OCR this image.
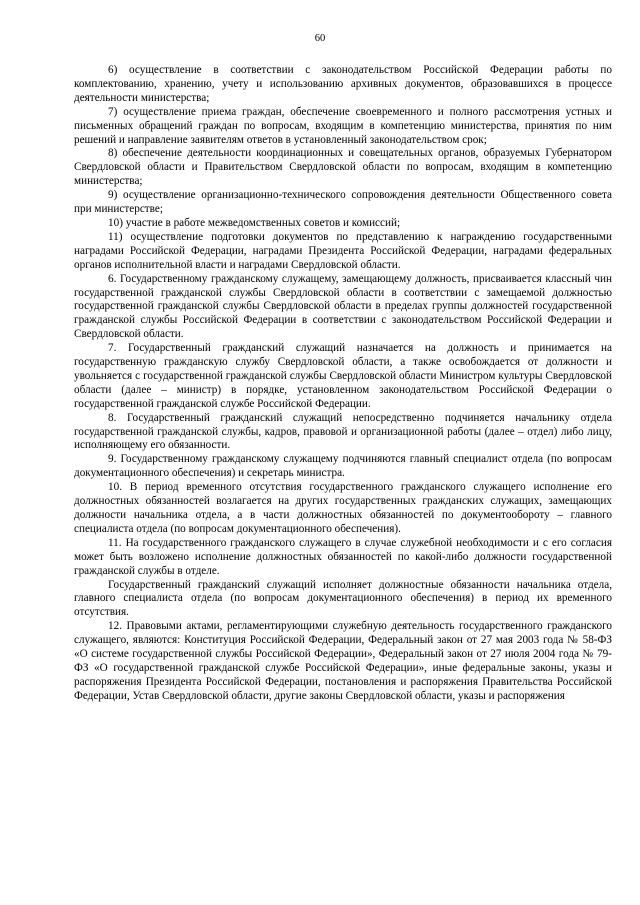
60

6) осуществление в соответствии с законодательством Российской Федерации работы по комплектованию, хранению, учету и использованию архивных документов, образовавшихся в процессе деятельности министерства;

7) осуществление приема граждан, обеспечение своевременного и полного рассмотрения устных и письменных обращений граждан по вопросам, входящим в компетенцию министерства, принятия по ним решений и направление заявителям ответов в установленный законодательством срок;

8) обеспечение деятельности координационных и совещательных органов, образуемых Губернатором Свердловской области и Правительством Свердловской области по вопросам, входящим в компетенцию министерства;

9) осуществление организационно-технического сопровождения деятельности Общественного совета при министерстве;

10) участие в работе межведомственных советов и комиссий;

11) осуществление подготовки документов по представлению к награждению государственными наградами Российской Федерации, наградами Президента Российской Федерации, наградами федеральных органов исполнительной власти и наградами Свердловской области.

6. Государственному гражданскому служащему, замещающему должность, присваивается классный чин государственной гражданской службы Свердловской области в соответствии с замещаемой должностью государственной гражданской службы Свердловской области в пределах группы должностей государственной гражданской службы Российской Федерации в соответствии с законодательством Российской Федерации и Свердловской области.

7. Государственный гражданский служащий назначается на должность и принимается на государственную гражданскую службу Свердловской области, а также освобождается от должности и увольняется с государственной гражданской службы Свердловской области Министром культуры Свердловской области (далее – министр) в порядке, установленном законодательством Российской Федерации о государственной гражданской службе Российской Федерации.

8. Государственный гражданский служащий непосредственно подчиняется начальнику отдела государственной гражданской службы, кадров, правовой и организационной работы (далее – отдел) либо лицу, исполняющему его обязанности.

9. Государственному гражданскому служащему подчиняются главный специалист отдела (по вопросам документационного обеспечения) и секретарь министра.

10. В период временного отсутствия государственного гражданского служащего исполнение его должностных обязанностей возлагается на других государственных гражданских служащих, замещающих должности начальника отдела, а в части должностных обязанностей по документообороту – главного специалиста отдела (по вопросам документационного обеспечения).

11. На государственного гражданского служащего в случае служебной необходимости и с его согласия может быть возложено исполнение должностных обязанностей по какой-либо должности государственной гражданской службы в отделе.

Государственный гражданский служащий исполняет должностные обязанности начальника отдела, главного специалиста отдела (по вопросам документационного обеспечения) в период их временного отсутствия.

12. Правовыми актами, регламентирующими служебную деятельность государственного гражданского служащего, являются: Конституция Российской Федерации, Федеральный закон от 27 мая 2003 года № 58-ФЗ «О системе государственной службы Российской Федерации», Федеральный закон от 27 июля 2004 года № 79-ФЗ «О государственной гражданской службе Российской Федерации», иные федеральные законы, указы и распоряжения Президента Российской Федерации, постановления и распоряжения Правительства Российской Федерации, Устав Свердловской области, другие законы Свердловской области, указы и распоряжения
